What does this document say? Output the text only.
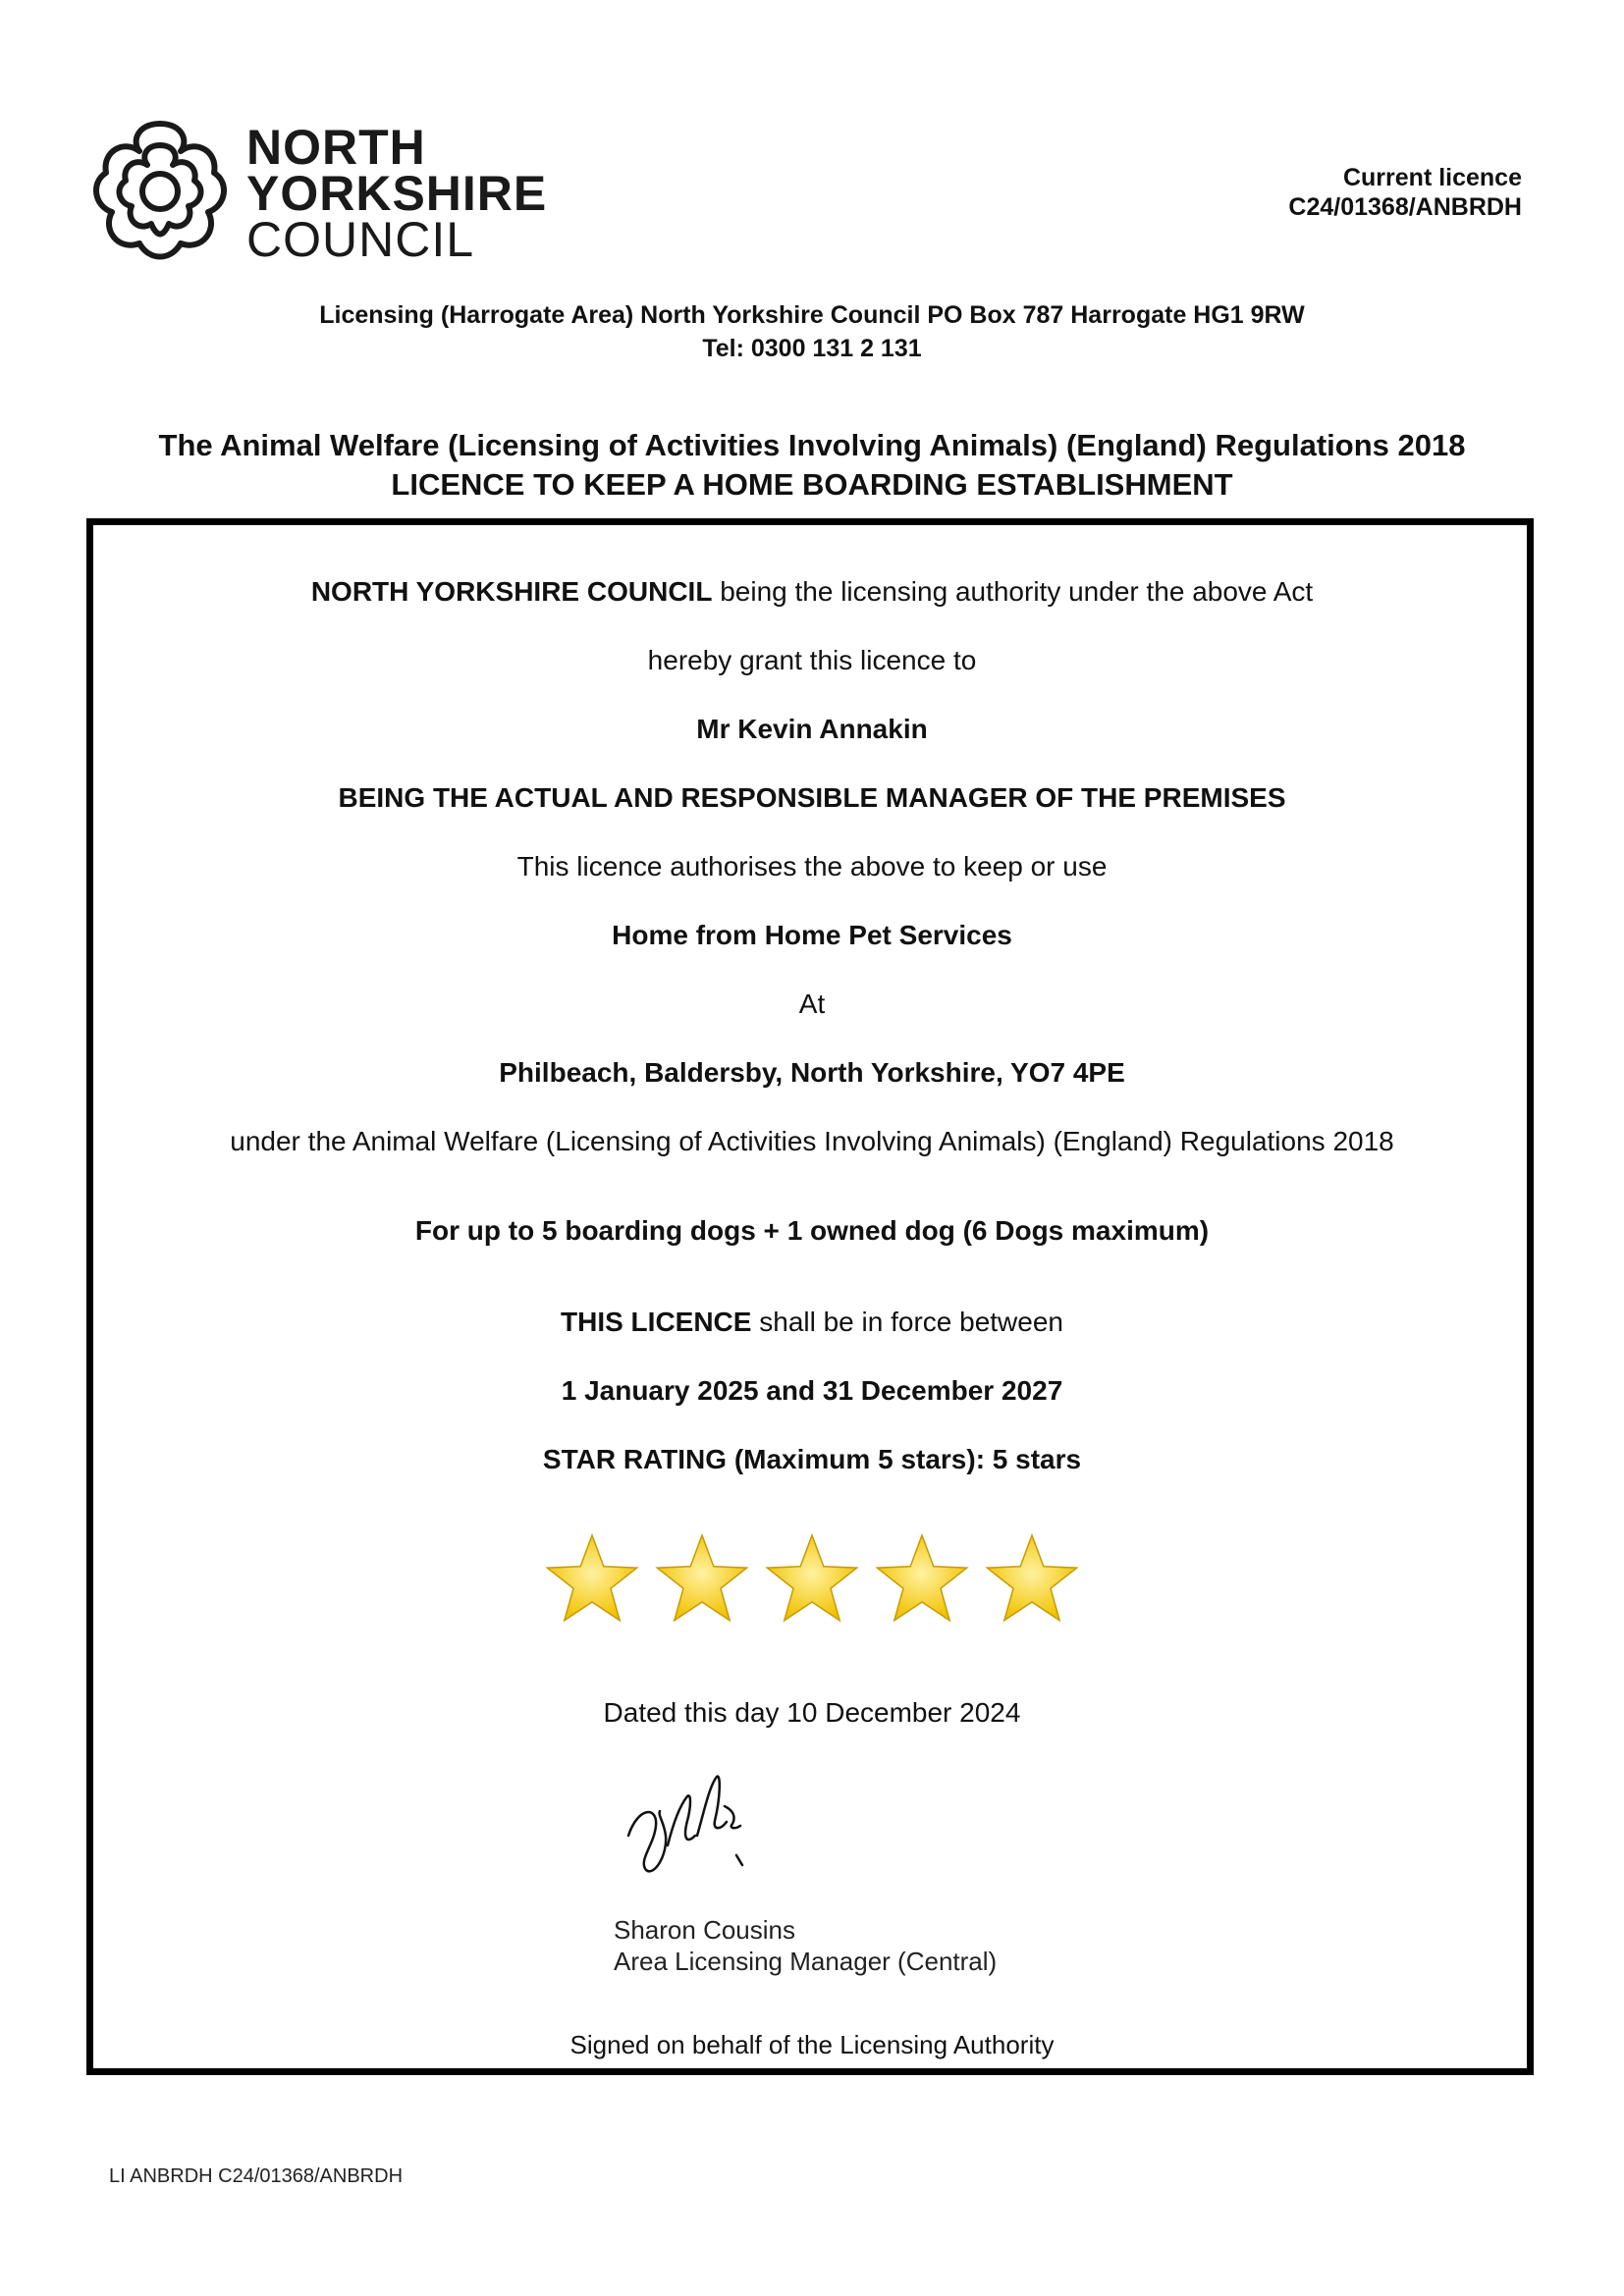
NORTH
YORKSHIRE
COUNCIL
Current licence
C24/01368/ANBRDH
Licensing (Harrogate Area) North Yorkshire Council PO Box 787 Harrogate HG1 9RW
Tel: 0300 131 2 131
The Animal Welfare (Licensing of Activities Involving Animals) (England) Regulations 2018
LICENCE TO KEEP A HOME BOARDING ESTABLISHMENT
NORTH YORKSHIRE COUNCIL being the licensing authority under the above Act
hereby grant this licence to
Mr Kevin Annakin
BEING THE ACTUAL AND RESPONSIBLE MANAGER OF THE PREMISES
This licence authorises the above to keep or use
Home from Home Pet Services
At
Philbeach, Baldersby, North Yorkshire, YO7 4PE
under the Animal Welfare (Licensing of Activities Involving Animals) (England) Regulations 2018
For up to 5 boarding dogs + 1 owned dog (6 Dogs maximum)
THIS LICENCE shall be in force between
1 January 2025 and 31 December 2027
STAR RATING (Maximum 5 stars): 5 stars
Dated this day 10 December 2024
Sharon Cousins
Area Licensing Manager (Central)
Signed on behalf of the Licensing Authority
LI ANBRDH C24/01368/ANBRDH
